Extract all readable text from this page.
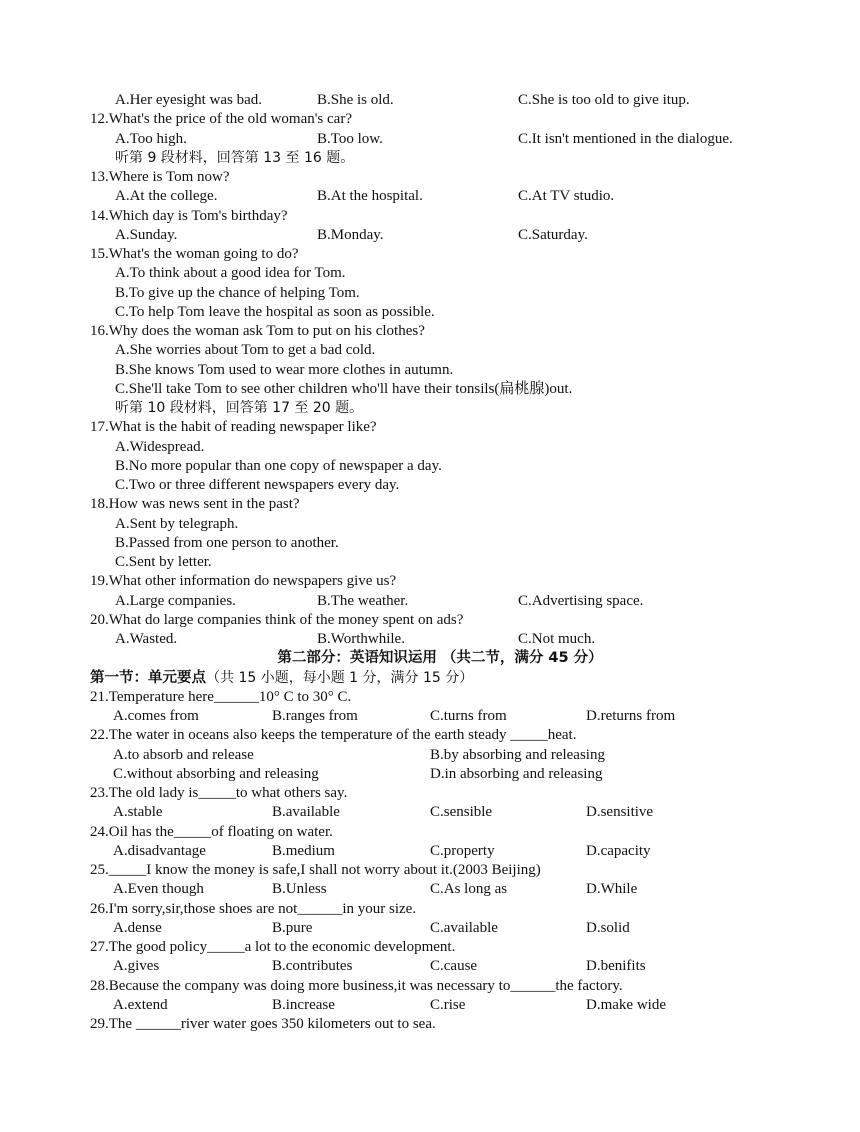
A.Her eyesight was bad.	B.She is old.	C.She is too old to give itup.
12.What's the price of the old woman's car?
A.Too high.	B.Too low.	C.It isn't mentioned in the dialogue.
听第 9 段材料，回答第 13 至 16 题。
13.Where is Tom now?
A.At the college.	B.At the hospital.	C.At TV studio.
14.Which day is Tom's birthday?
A.Sunday.	B.Monday.	C.Saturday.
15.What's the woman going to do?
A.To think about a good idea for Tom.
B.To give up the chance of helping Tom.
C.To help Tom leave the hospital as soon as possible.
16.Why does the woman ask Tom to put on his clothes?
A.She worries about Tom to get a bad cold.
B.She knows Tom used to wear more clothes in autumn.
C.She'll take Tom to see other children who'll have their tonsils(扁桃腺)out.
听第 10 段材料，回答第 17 至 20 题。
17.What is the habit of reading newspaper like?
A.Widespread.
B.No more popular than one copy of newspaper a day.
C.Two or three different newspapers every day.
18.How was news sent in the past?
A.Sent by telegraph.
B.Passed from one person to another.
C.Sent by letter.
19.What other information do newspapers give us?
A.Large companies.	B.The weather.	C.Advertising space.
20.What do large companies think of the money spent on ads?
A.Wasted.	B.Worthwhile.	C.Not much.
第二部分：英语知识运用 （共二节，满分 45 分）
第一节：单元要点（共 15 小题，每小题 1 分，满分 15 分）
21.Temperature here______10° C to 30° C.
A.comes from	B.ranges from	C.turns from	D.returns from
22.The water in oceans also keeps the temperature of the earth steady _____heat.
A.to absorb and release	B.by absorbing and releasing
C.without absorbing and releasing	D.in absorbing and releasing
23.The old lady is_____to what others say.
A.stable	B.available	C.sensible	D.sensitive
24.Oil has the_____of floating on water.
A.disadvantage	B.medium	C.property	D.capacity
25._____I know the money is safe,I shall not worry about it.(2003 Beijing)
A.Even though	B.Unless	C.As long as	D.While
26.I'm sorry,sir,those shoes are not______in your size.
A.dense	B.pure	C.available	D.solid
27.The good policy_____a lot to the economic development.
A.gives	B.contributes	C.cause	D.benifits
28.Because the company was doing more business,it was necessary to______the factory.
A.extend	B.increase	C.rise	D.make wide
29.The ______river water goes 350 kilometers out to sea.
